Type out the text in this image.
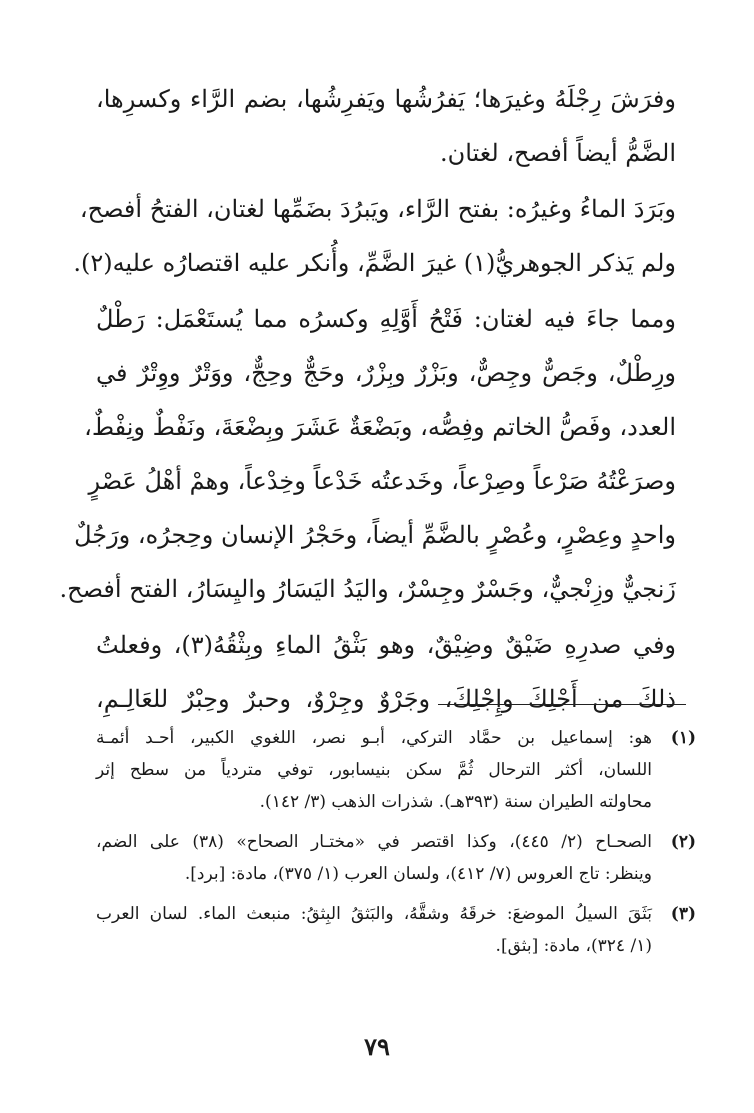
وفرَشَ رِجْلَهُ وغيرَها؛ يَفرُشُها ويَفرِشُها، بضم الرَّاء وكسرِها،
الضَّمُّ أيضاً أفصح، لغتان.

وبَرَدَ الماءُ وغيرُه: بفتح الرَّاء، ويَبرُدَ بضَمِّها لغتان، الفتحُ أفصح،
ولم يَذكر الجوهريُّ(١) غيرَ الضَّمِّ، وأُنكر عليه اقتصارُه عليه(٢).

ومما جاءَ فيه لغتان: فَتْحُ أَوَّلِهِ وكسرُه مما يُستَعْمَل: رَطْلٌ
ورِطْلٌ، وجَصٌّ وجِصٌّ، وبَزْرٌ وبِزْرٌ، وحَجٌّ وحِجٌّ، ووَتْرٌ ووِتْرٌ في
العدد، وفَصُّ الخاتم وفِصُّه، وبَضْعَةٌ عَشَرَ وبِضْعَةَ، ونَفْطٌ ونِفْطٌ،
وصرَعْتُهُ صَرْعاً وصِرْعاً، وخَدعتُه خَدْعاً وخِدْعاً، وهمْ أهْلُ عَصْرٍ
واحدٍ وعِصْرٍ، وعُصْرٍ بالضَّمِّ أيضاً، وحَجْرُ الإنسان وحِجرُه، ورَجُلٌ
زَنجيٌّ وزِنْجيٌّ، وجَسْرٌ وجِسْرٌ، واليَدُ اليَسَارُ واليِسَارُ، الفتح أفصح.

وفي صدرِهِ ضَيْقٌ وضِيْقٌ، وهو بَثْقُ الماءِ وبِثْقُهُ(٣)، وفعلتُ
ذلكَ من أَجْلِكَ وإِجْلِكَ، وجَرْوٌ وجِرْوٌ، وحبرٌ وحِبْرٌ للعَالِـمِ،

(١)
هو: إسماعيل بن حمَّاد التركي، أبـو نصر، اللغوي الكبير، أحـد أئمـة
اللسان، أكثر الترحال ثُمَّ سكن بنيسابور، توفي متردياً من سطح إثر
محاولته الطيران سنة (٣٩٣هـ). شذرات الذهب (٣/ ١٤٢).
(٢)
الصحـاح (٢/ ٤٤٥)، وكذا اقتصر في «مختـار الصحاح» (٣٨) على الضم،
وينظر: تاج العروس (٧/ ٤١٢)، ولسان العرب (١/ ٣٧٥)، مادة: [برد].
(٣)
بَثَقَ السيلُ الموضعَ: خرقَهُ وشقَّهُ، والبَثقُ البِثقُ: منبعث الماء. لسان العرب
(١/ ٣٢٤)، مادة: [بثق].
٧٩
